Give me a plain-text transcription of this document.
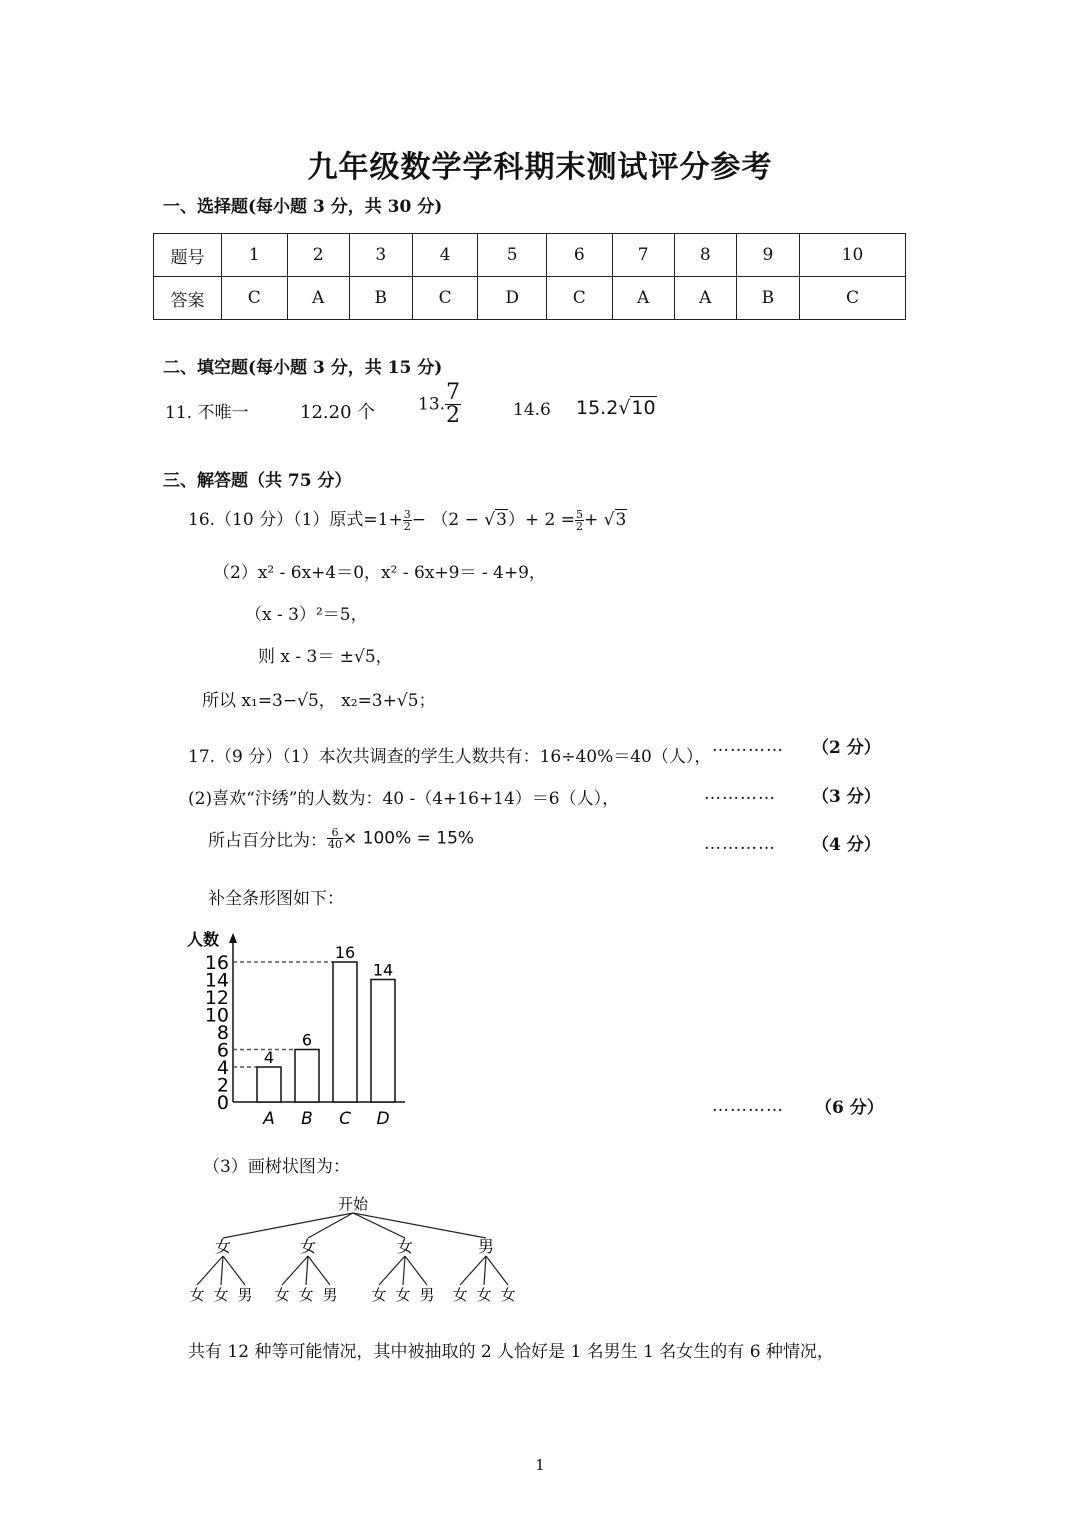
九年级数学学科期末测试评分参考
一、选择题(每小题 3 分，共 30 分)
题号	1	2	3	4	5	6	7	8	9	10
答案	C	A	B	C	D	C	A	A	B	C
二、填空题(每小题 3 分，共 15 分)
11. 不唯一	12.20 个	13. $\frac{7}{2}$	14.6 15.2√10
三、解答题（共 75 分）
16.（10 分）（1）原式$=1+ \frac{3}{2} - (2 - √3)+ 2 = \frac{5}{2} + √3$
（2）x² - 6x+4＝0，x² - 6x+9＝ - 4+9，
（x - 3）²＝5，
则 x - 3＝ ±√5，
所以 x₁=3−√5， x₂=3+√5；
17.（9 分）（1）本次共调查的学生人数共有：16÷40%＝40（人），
………… （2 分）
(2)喜欢“汴绣”的人数为：40 -（4+16+14）＝6（人），	………… （3 分）
所占百分比为： $\frac{6}{40} \times 100\% = 15\%$	………… （4 分）
补全条形图如下：
人数
0
2
4
6
8
10
12
14
16
4
A
6
B
16
C
14
D
………… （6 分）
（3）画树状图为：
开始
女
女 女 男
女
女 女 男
女
女 女 男
男
女 女 女
共有 12 种等可能情况，其中被抽取的 2 人恰好是 1 名男生 1 名女生的有 6 种情况，
1
